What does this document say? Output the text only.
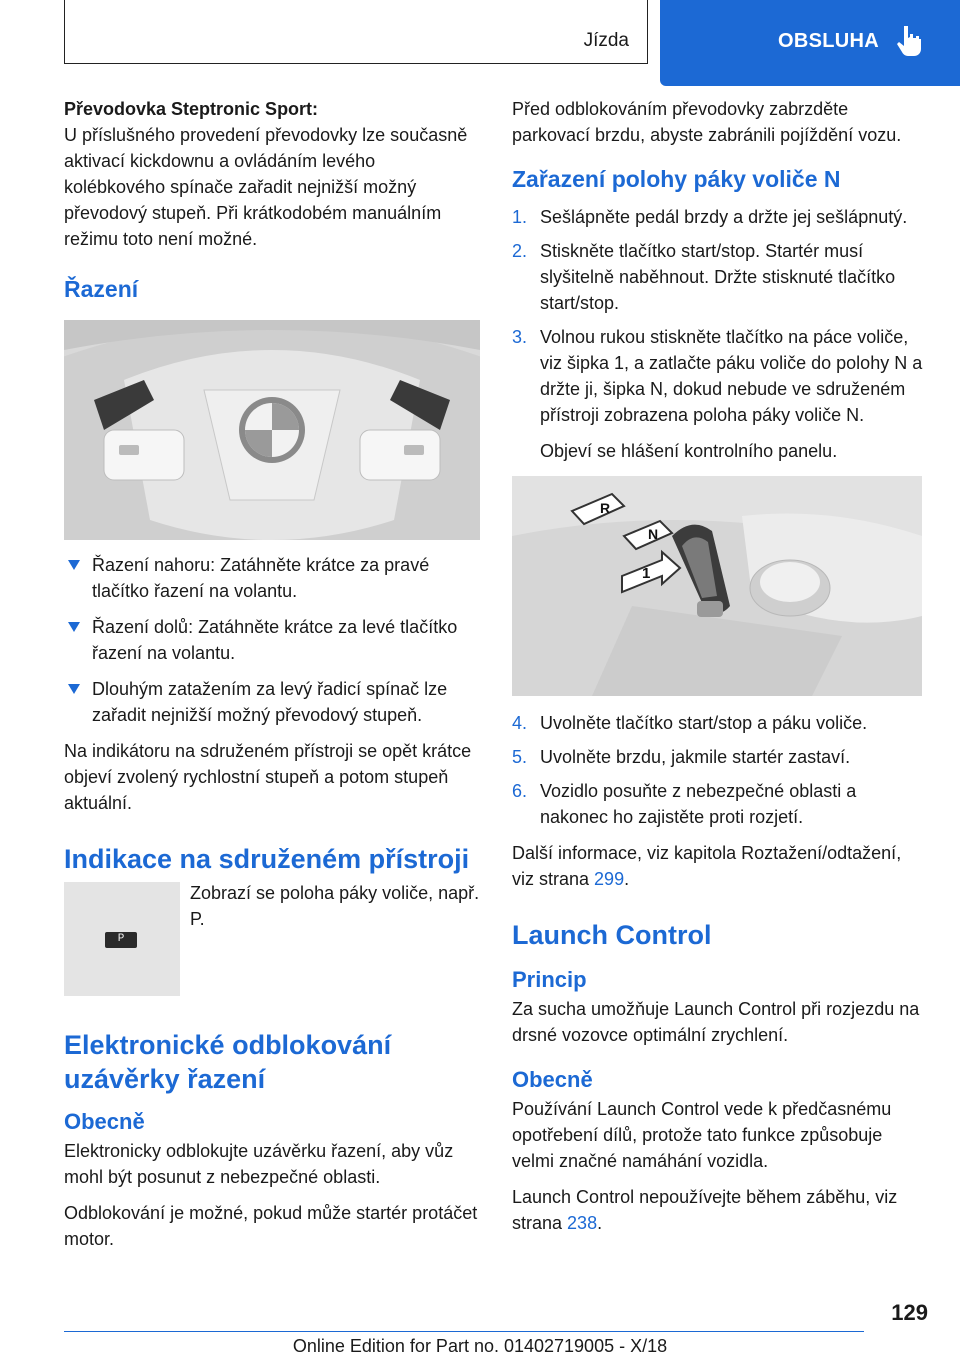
Jízda	OBSLUHA

Převodovka Steptronic Sport:
U příslušného provedení převodovky lze současně aktivací kickdownu a ovládáním levého kolébkového spínače zařadit nejnižší možný převodový stupeň. Při krátkodobém manuálním režimu toto není možné.

Řazení
Řazení nahoru: Zatáhněte krátce za pravé tlačítko řazení na volantu.
Řazení dolů: Zatáhněte krátce za levé tlačítko řazení na volantu.
Dlouhým zatažením za levý řadicí spínač lze zařadit nejnižší možný převodový stupeň.

Na indikátoru na sdruženém přístroji se opět krátce objeví zvolený rychlostní stupeň a potom stupeň aktuální.

Indikace na sdruženém přístroji
P

Zobrazí se poloha páky voliče, např. P.

Elektronické odblokování uzávěrky řazení
Obecně

Elektronicky odblokujte uzávěrku řazení, aby vůz mohl být posunut z nebezpečné oblasti.

Odblokování je možné, pokud může startér protáčet motor.

Před odblokováním převodovky zabrzděte parkovací brzdu, abyste zabránili pojíždění vozu.

Zařazení polohy páky voliče N
1. Sešlápněte pedál brzdy a držte jej sešlápnutý.
2. Stiskněte tlačítko start/stop. Startér musí slyšitelně naběhnout. Držte stisknuté tlačítko start/stop.
3. Volnou rukou stiskněte tlačítko na páce voliče, viz šipka 1, a zatlačte páku voliče do polohy N a držte ji, šipka N, dokud nebude ve sdruženém přístroji zobrazena poloha páky voliče N.
Objeví se hlášení kontrolního panelu.
R
N
1
4. Uvolněte tlačítko start/stop a páku voliče.
5. Uvolněte brzdu, jakmile startér zastaví.
6. Vozidlo posuňte z nebezpečné oblasti a nakonec ho zajistěte proti rozjetí.

Další informace, viz kapitola Roztažení/odtažení, viz strana 299.

Launch Control
Princip

Za sucha umožňuje Launch Control při rozjezdu na drsné vozovce optimální zrychlení.

Obecně

Používání Launch Control vede k předčasnému opotřebení dílů, protože tato funkce způsobuje velmi značné namáhání vozidla.

Launch Control nepoužívejte během záběhu, viz strana 238.

129
Online Edition for Part no. 01402719005 - X/18
